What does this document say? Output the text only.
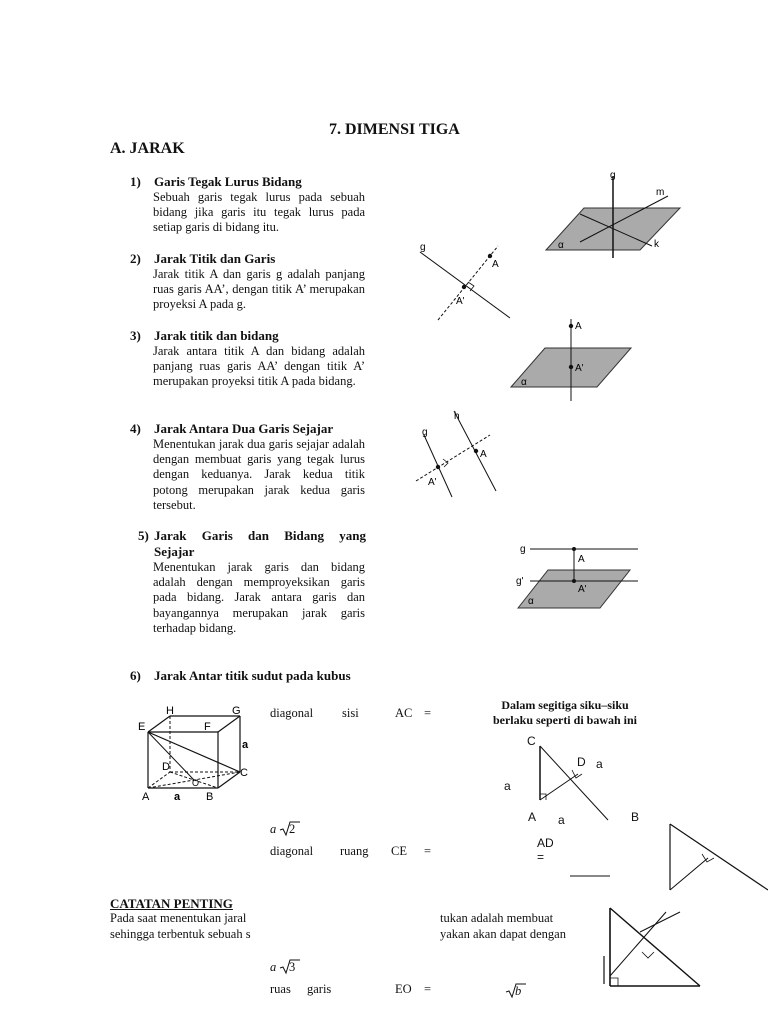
7. DIMENSI TIGA
A. JARAK
1) Garis Tegak Lurus Bidang
Sebuah garis tegak lurus pada sebuah bidang jika garis itu tegak lurus pada setiap garis di bidang itu.
2) Jarak Titik dan Garis
Jarak titik A dan garis g adalah panjang ruas garis AA’, dengan titik A’ merupakan proyeksi A pada g.
3) Jarak titik dan bidang
Jarak antara titik A dan bidang adalah panjang ruas garis AA’ dengan titik A’ merupakan proyeksi titik A pada bidang.
4) Jarak Antara Dua Garis Sejajar
Menentukan jarak dua garis sejajar adalah dengan membuat garis yang tegak lurus dengan keduanya. Jarak kedua titik potong merupakan jarak kedua garis tersebut.
5) Jarak Garis dan Bidang yang
Sejajar
Menentukan jarak garis dan bidang adalah dengan memproyeksikan garis pada bidang. Jarak antara garis dan bayangannya merupakan jarak garis terhadap bidang.
6) Jarak Antar titik sudut pada kubus
g
m
k
α
g
A
A'
A
A'
α
g
h
A
A'
g
g'
A
A'
α
H	G
E	F
D	C
A	B
a
a
O
diagonal sisi	AC =
a 2
diagonal ruang CE =
Dalam segitiga siku–siku
berlaku seperti di bawah ini
C
D a
a
A a	B
AD
=
CATATAN PENTING
Pada saat menentukan jaral	tukan adalah membuat
sehingga terbentuk sebuah s	yakan akan dapat dengan
a 3
ruas garis	EO =	b
